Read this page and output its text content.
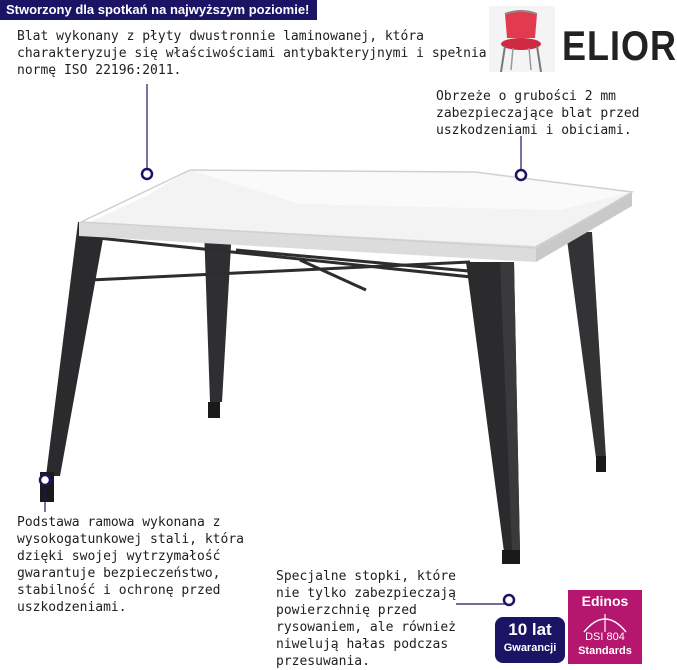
Stworzony dla spotkań na najwyższym poziomie!
ELIOR

Blat wykonany z płyty dwustronnie laminowanej, która charakteryzuje się właściwościami antybakteryjnymi i spełnia normę ISO 22196:2011.

Obrzeże o grubości 2 mm zabezpieczające blat przed uszkodzeniami i obiciami.

Podstawa ramowa wykonana z wysokogatunkowej stali, która dzięki swojej wytrzymałość gwarantuje bezpieczeństwo, stabilność i ochronę przed uszkodzeniami.

Specjalne stopki, które nie tylko zabezpieczają powierzchnię przed rysowaniem, ale również niwelują hałas podczas przesuwania.

10 lat
Gwarancji
Edinos
DSI 804
Standards
